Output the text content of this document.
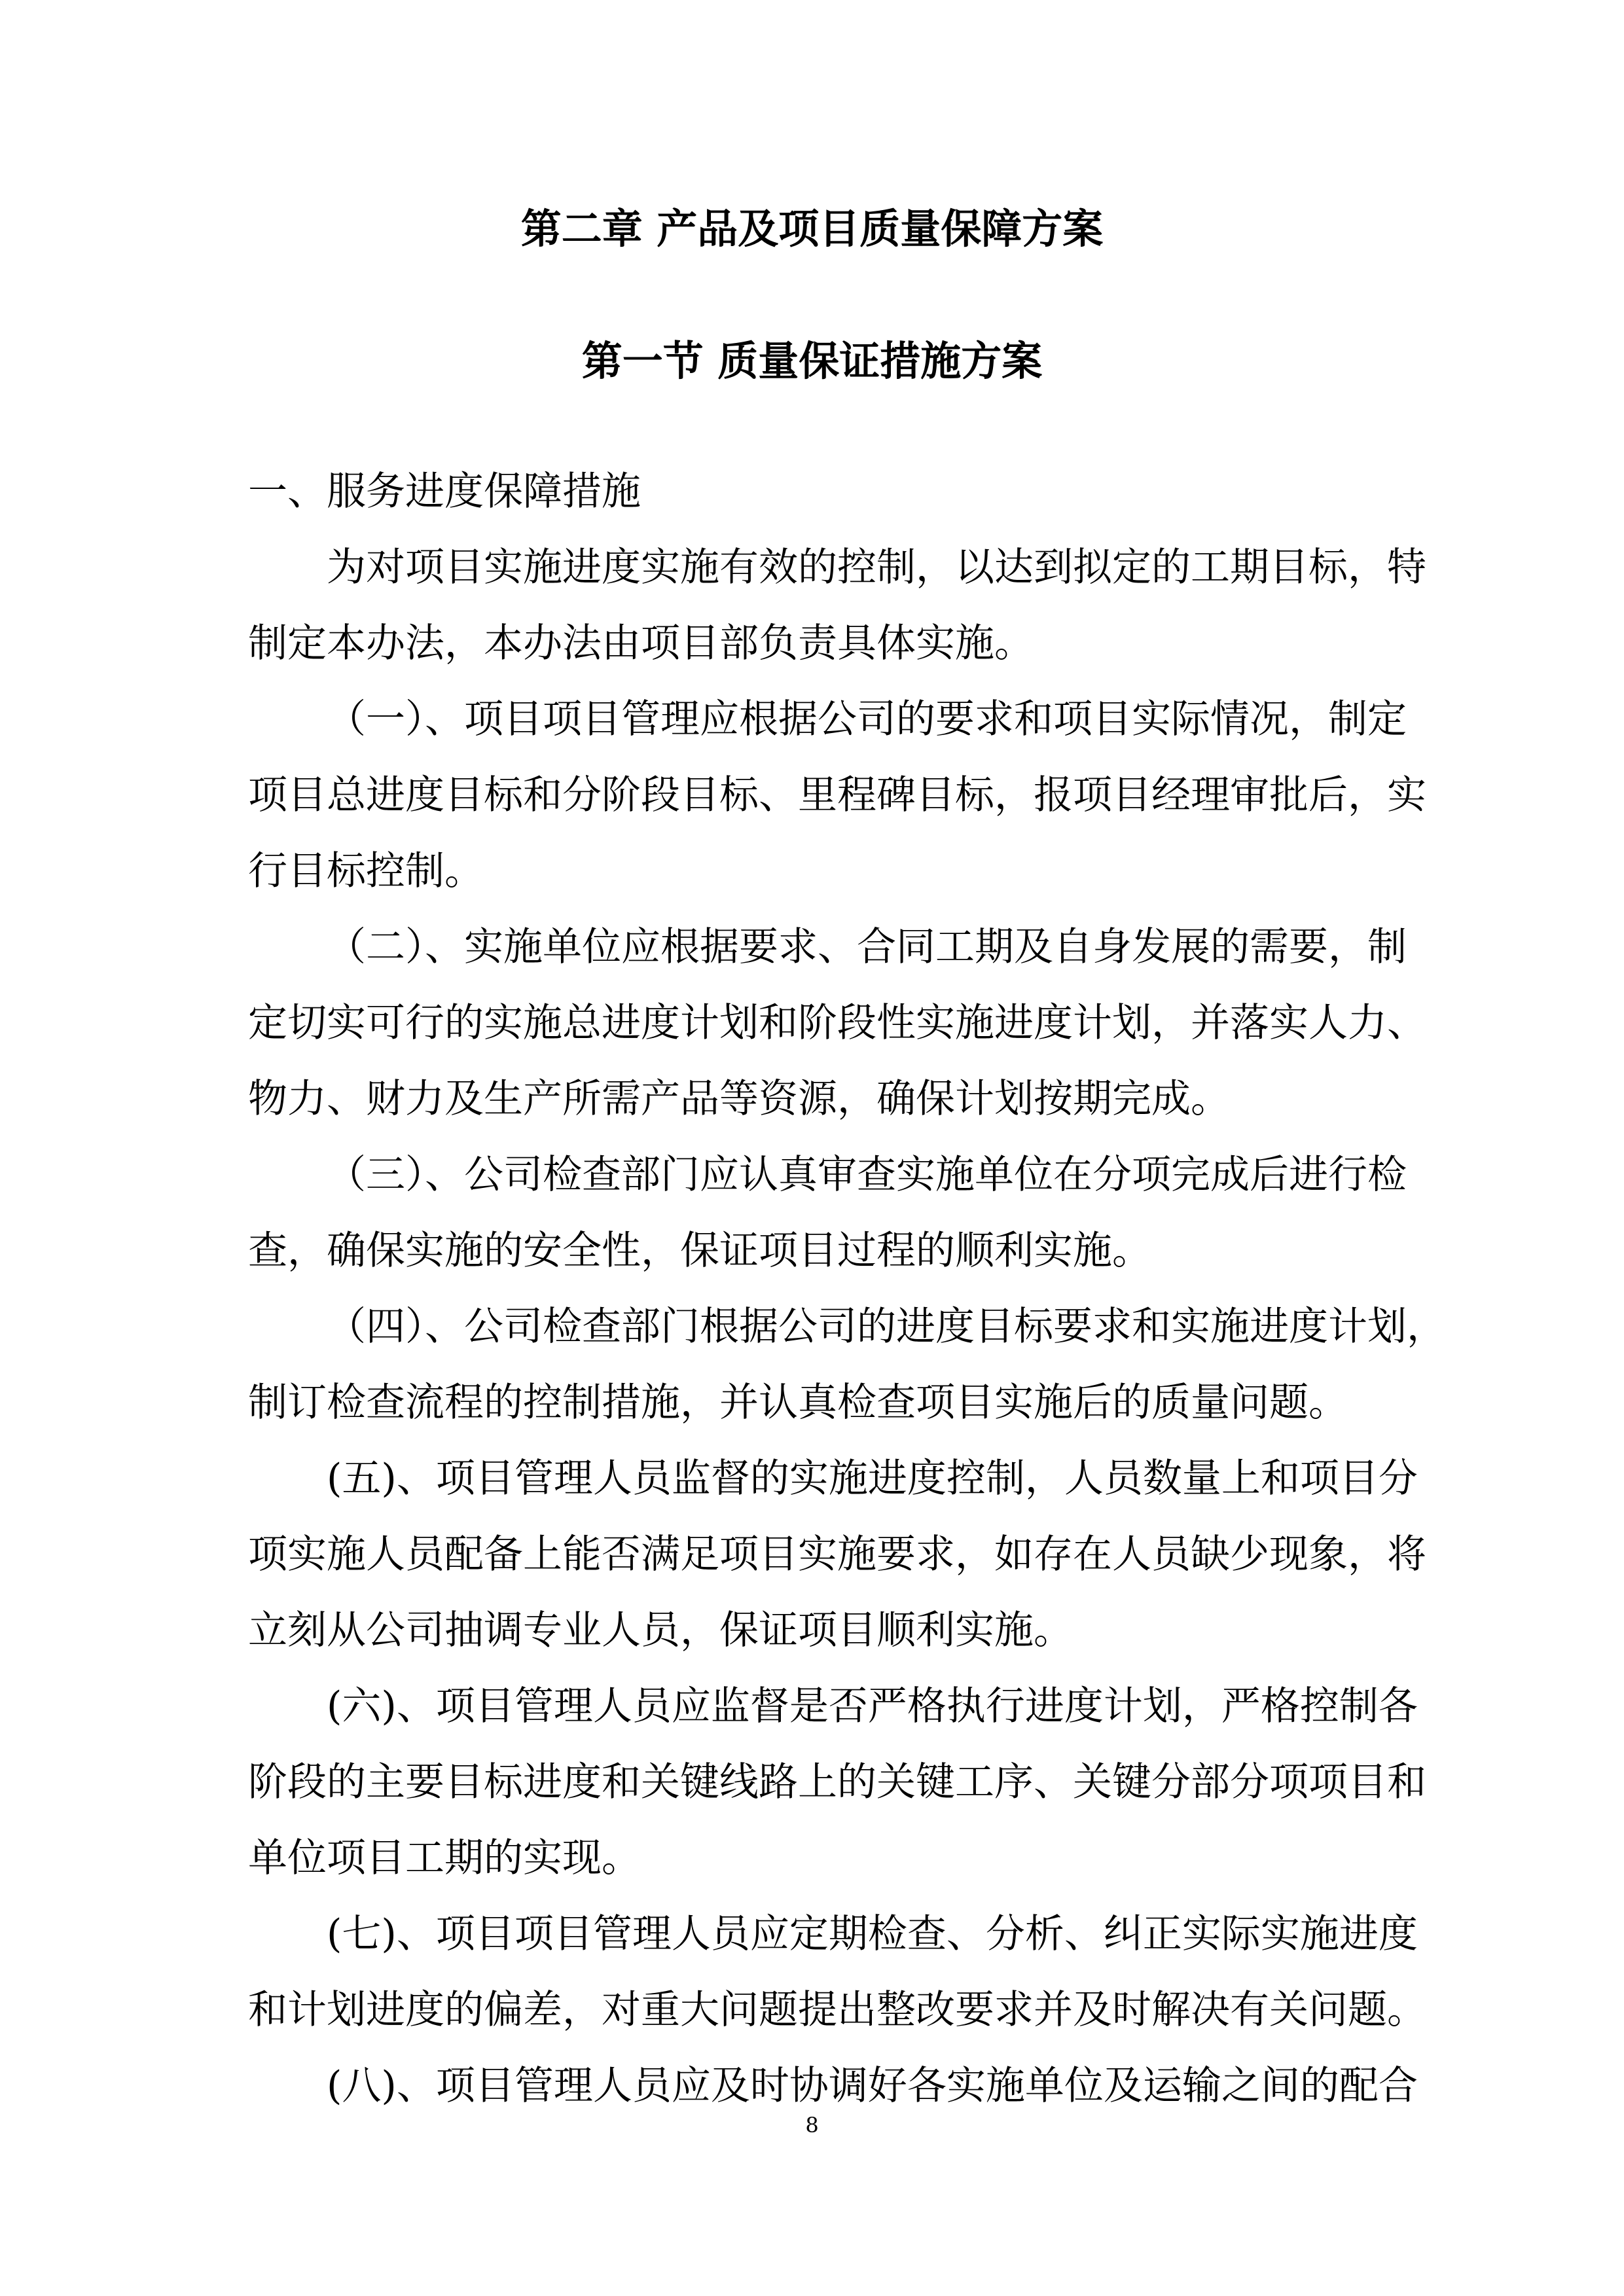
第二章 产品及项目质量保障方案
第一节 质量保证措施方案
一、服务进度保障措施
为对项目实施进度实施有效的控制，以达到拟定的工期目标，特
制定本办法，本办法由项目部负责具体实施。
（一）、项目项目管理应根据公司的要求和项目实际情况，制定
项目总进度目标和分阶段目标、里程碑目标，报项目经理审批后，实
行目标控制。
（二）、实施单位应根据要求、合同工期及自身发展的需要，制
定切实可行的实施总进度计划和阶段性实施进度计划，并落实人力、
物力、财力及生产所需产品等资源，确保计划按期完成。
（三）、公司检查部门应认真审查实施单位在分项完成后进行检
查，确保实施的安全性，保证项目过程的顺利实施。
（四）、公司检查部门根据公司的进度目标要求和实施进度计划，
制订检查流程的控制措施，并认真检查项目实施后的质量问题。
(五)、项目管理人员监督的实施进度控制，人员数量上和项目分
项实施人员配备上能否满足项目实施要求，如存在人员缺少现象，将
立刻从公司抽调专业人员，保证项目顺利实施。
(六)、项目管理人员应监督是否严格执行进度计划，严格控制各
阶段的主要目标进度和关键线路上的关键工序、关键分部分项项目和
单位项目工期的实现。
(七)、项目项目管理人员应定期检查、分析、纠正实际实施进度
和计划进度的偏差，对重大问题提出整改要求并及时解决有关问题。
(八)、项目管理人员应及时协调好各实施单位及运输之间的配合
8
